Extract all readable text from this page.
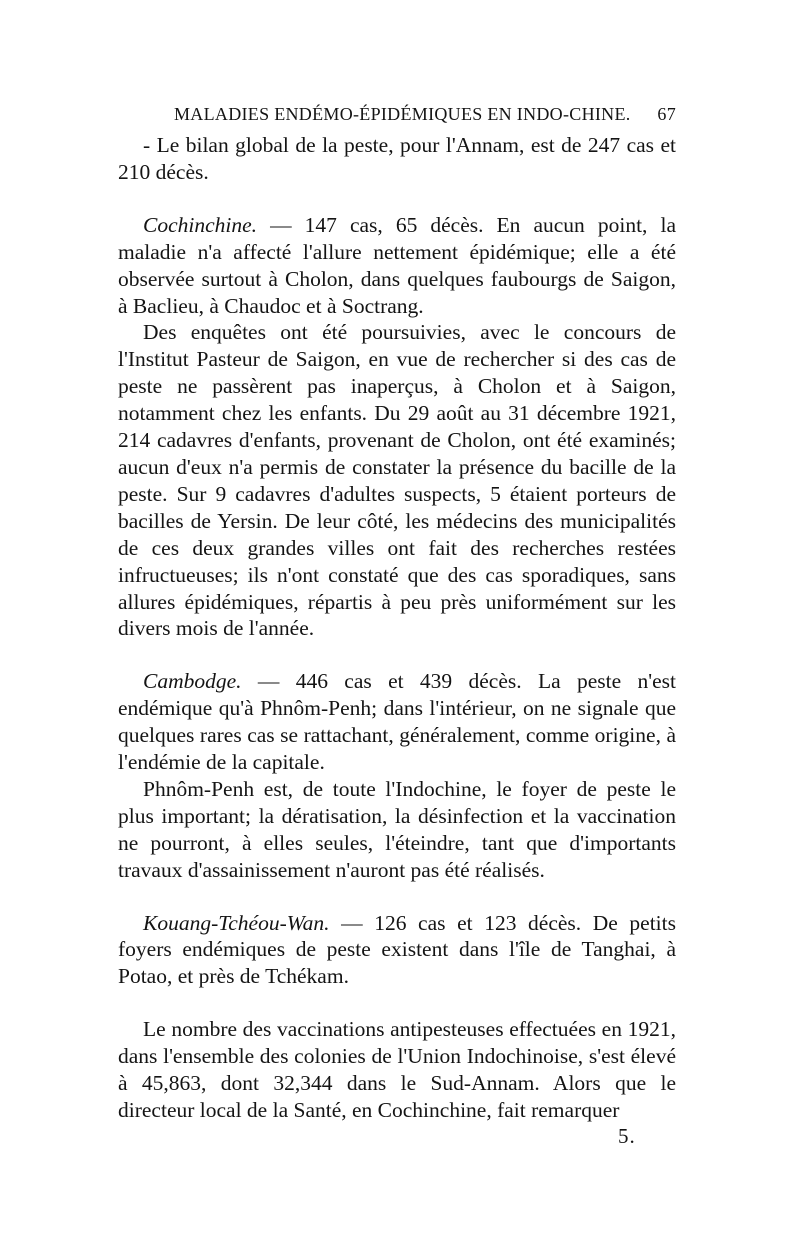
MALADIES ENDÉMO-ÉPIDÉMIQUES EN INDO-CHINE. 67

- Le bilan global de la peste, pour l'Annam, est de 247 cas et 210 décès.

Cochinchine. — 147 cas, 65 décès. En aucun point, la maladie n'a affecté l'allure nettement épidémique; elle a été observée surtout à Cholon, dans quelques faubourgs de Saigon, à Baclieu, à Chaudoc et à Soctrang.

Des enquêtes ont été poursuivies, avec le concours de l'Institut Pasteur de Saigon, en vue de rechercher si des cas de peste ne passèrent pas inaperçus, à Cholon et à Saigon, notamment chez les enfants. Du 29 août au 31 décembre 1921, 214 cadavres d'enfants, provenant de Cholon, ont été examinés; aucun d'eux n'a permis de constater la présence du bacille de la peste. Sur 9 cadavres d'adultes suspects, 5 étaient porteurs de bacilles de Yersin. De leur côté, les médecins des municipalités de ces deux grandes villes ont fait des recherches restées infructueuses; ils n'ont constaté que des cas sporadiques, sans allures épidémiques, répartis à peu près uniformément sur les divers mois de l'année.

Cambodge. — 446 cas et 439 décès. La peste n'est endémique qu'à Phnôm-Penh; dans l'intérieur, on ne signale que quelques rares cas se rattachant, généralement, comme origine, à l'endémie de la capitale.

Phnôm-Penh est, de toute l'Indochine, le foyer de peste le plus important; la dératisation, la désinfection et la vaccination ne pourront, à elles seules, l'éteindre, tant que d'importants travaux d'assainissement n'auront pas été réalisés.

Kouang-Tchéou-Wan. — 126 cas et 123 décès. De petits foyers endémiques de peste existent dans l'île de Tanghai, à Potao, et près de Tchékam.

Le nombre des vaccinations antipesteuses effectuées en 1921, dans l'ensemble des colonies de l'Union Indochinoise, s'est élevé à 45,863, dont 32,344 dans le Sud-Annam. Alors que le directeur local de la Santé, en Cochinchine, fait remarquer

5.
